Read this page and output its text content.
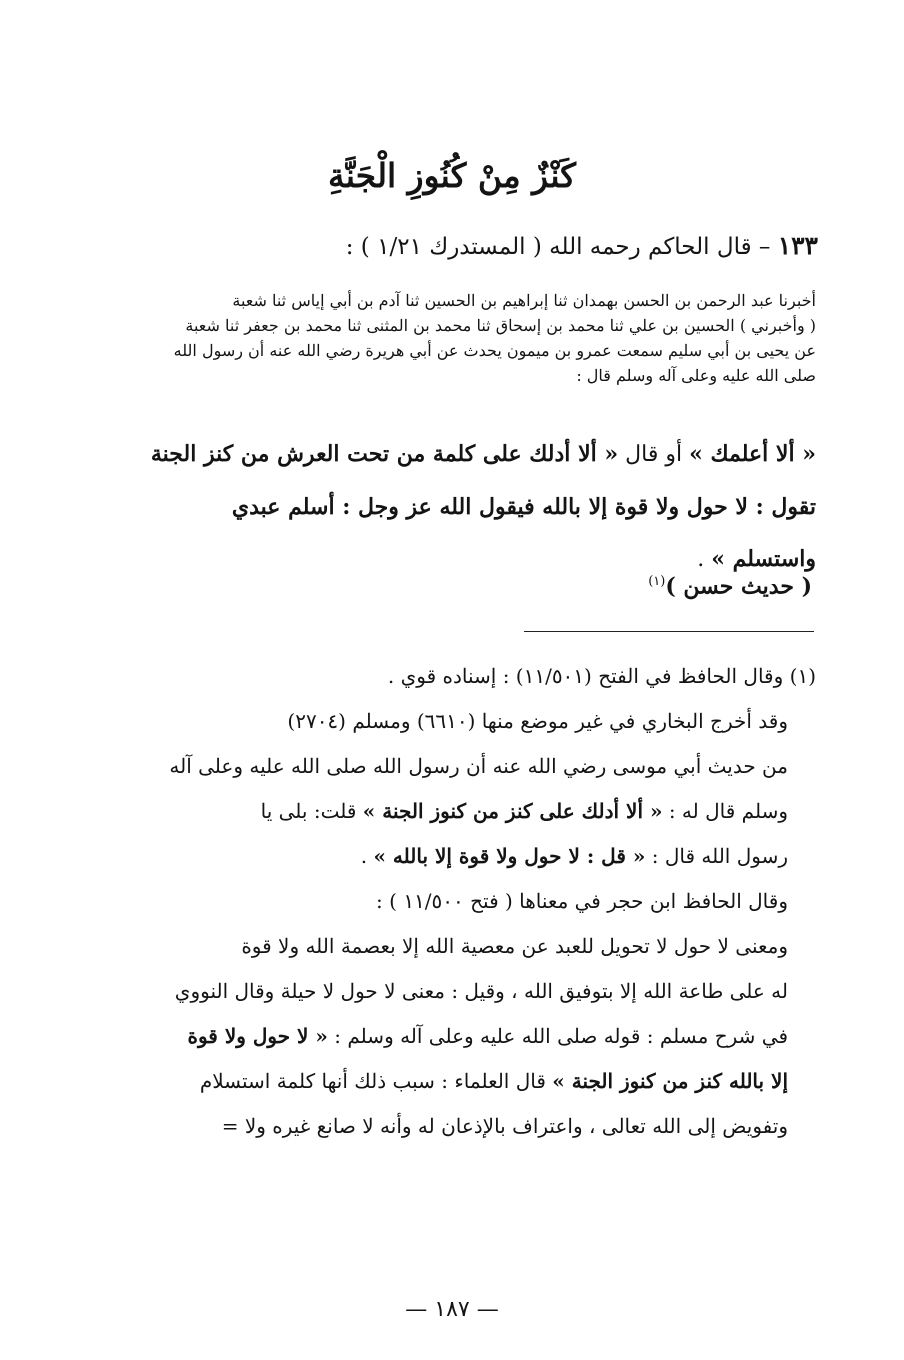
كَنْزٌ مِنْ كُنُوزِ الْجَنَّةِ
١٣٣ – قال الحاكم رحمه الله ( المستدرك ١/٢١ ) :

أخبرنا عبد الرحمن بن الحسن بهمدان ثنا إبراهيم بن الحسين ثنا آدم بن أبي إياس ثنا شعبة

( وأخبرني ) الحسين بن علي ثنا محمد بن إسحاق ثنا محمد بن المثنى ثنا محمد بن جعفر ثنا شعبة

عن يحيى بن أبي سليم سمعت عمرو بن ميمون يحدث عن أبي هريرة رضي الله عنه أن رسول الله

صلى الله عليه وعلى آله وسلم قال :

« ألا أعلمك » أو قال « ألا أدلك على كلمة من تحت العرش من كنز الجنة

تقول : لا حول ولا قوة إلا بالله فيقول الله عز وجل : أسلم عبدي

واستسلم » .

( حديث حسن )$^{(١)}$

(١) وقال الحافظ في الفتح (١١/٥٠١) : إسناده قوي .

وقد أخرج البخاري في غير موضع منها (٦٦١٠) ومسلم (٢٧٠٤)

من حديث أبي موسى رضي الله عنه أن رسول الله صلى الله عليه وعلى آله

وسلم قال له : « ألا أدلك على كنز من كنوز الجنة » قلت: بلى يا

رسول الله قال : « قل : لا حول ولا قوة إلا بالله » .

وقال الحافظ ابن حجر في معناها ( فتح ١١/٥٠٠ ) :

ومعنى لا حول لا تحويل للعبد عن معصية الله إلا بعصمة الله ولا قوة

له على طاعة الله إلا بتوفيق الله ، وقيل : معنى لا حول لا حيلة وقال النووي

في شرح مسلم : قوله صلى الله عليه وعلى آله وسلم : « لا حول ولا قوة

إلا بالله كنز من كنوز الجنة » قال العلماء : سبب ذلك أنها كلمة استسلام

وتفويض إلى الله تعالى ، واعتراف بالإذعان له وأنه لا صانع غيره ولا =

— ١٨٧ —
